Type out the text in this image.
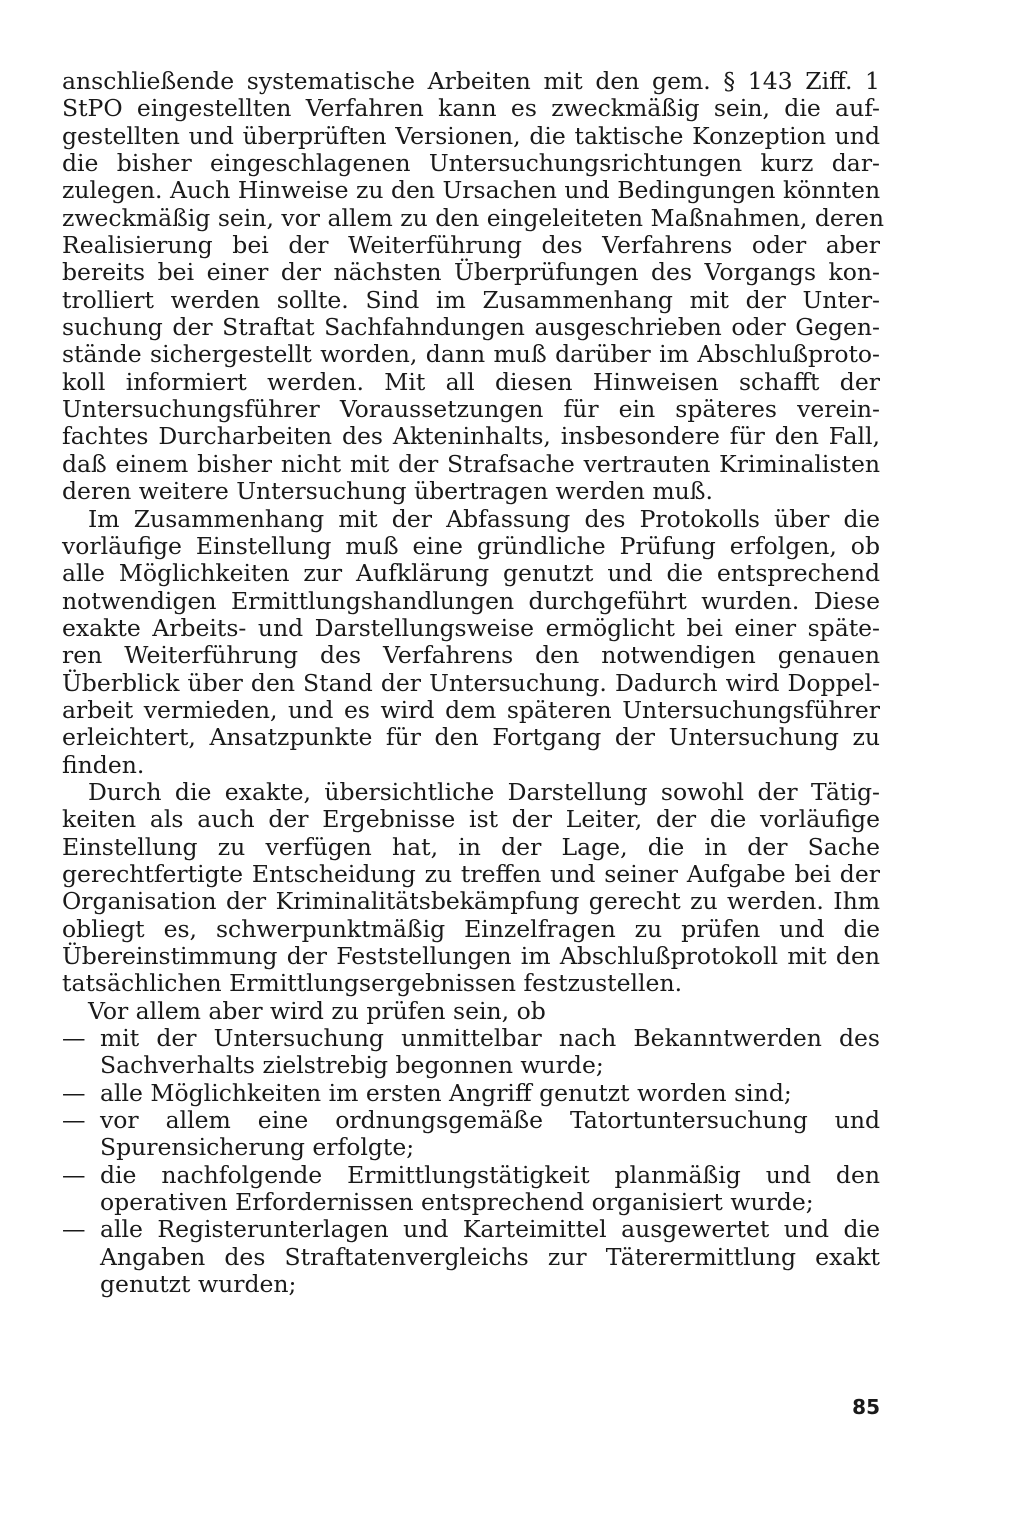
anschließende systematische Arbeiten mit den gem. § 143 Ziff. 1
StPO eingestellten Verfahren kann es zweckmäßig sein, die auf-
gestellten und überprüften Versionen, die taktische Konzeption und
die bisher eingeschlagenen Untersuchungsrichtungen kurz dar-
zulegen. Auch Hinweise zu den Ursachen und Bedingungen könnten
zweckmäßig sein, vor allem zu den eingeleiteten Maßnahmen, deren
Realisierung bei der Weiterführung des Verfahrens oder aber
bereits bei einer der nächsten Überprüfungen des Vorgangs kon-
trolliert werden sollte. Sind im Zusammenhang mit der Unter-
suchung der Straftat Sachfahndungen ausgeschrieben oder Gegen-
stände sichergestellt worden, dann muß darüber im Abschlußproto-
koll informiert werden. Mit all diesen Hinweisen schafft der
Untersuchungsführer Voraussetzungen für ein späteres verein-
fachtes Durcharbeiten des Akteninhalts, insbesondere für den Fall,
daß einem bisher nicht mit der Strafsache vertrauten Kriminalisten
deren weitere Untersuchung übertragen werden muß.
Im Zusammenhang mit der Abfassung des Protokolls über die
vorläufige Einstellung muß eine gründliche Prüfung erfolgen, ob
alle Möglichkeiten zur Aufklärung genutzt und die entsprechend
notwendigen Ermittlungshandlungen durchgeführt wurden. Diese
exakte Arbeits- und Darstellungsweise ermöglicht bei einer späte-
ren Weiterführung des Verfahrens den notwendigen genauen
Überblick über den Stand der Untersuchung. Dadurch wird Doppel-
arbeit vermieden, und es wird dem späteren Untersuchungsführer
erleichtert, Ansatzpunkte für den Fortgang der Untersuchung zu
finden.
Durch die exakte, übersichtliche Darstellung sowohl der Tätig-
keiten als auch der Ergebnisse ist der Leiter, der die vorläufige
Einstellung zu verfügen hat, in der Lage, die in der Sache
gerechtfertigte Entscheidung zu treffen und seiner Aufgabe bei der
Organisation der Kriminalitätsbekämpfung gerecht zu werden. Ihm
obliegt es, schwerpunktmäßig Einzelfragen zu prüfen und die
Übereinstimmung der Feststellungen im Abschlußprotokoll mit den
tatsächlichen Ermittlungsergebnissen festzustellen.
Vor allem aber wird zu prüfen sein, ob
— mit der Untersuchung unmittelbar nach Bekanntwerden des
Sachverhalts zielstrebig begonnen wurde;
— alle Möglichkeiten im ersten Angriff genutzt worden sind;
— vor allem eine ordnungsgemäße Tatortuntersuchung und
Spurensicherung erfolgte;
— die nachfolgende Ermittlungstätigkeit planmäßig und den
operativen Erfordernissen entsprechend organisiert wurde;
— alle Registerunterlagen und Karteimittel ausgewertet und die
Angaben des Straftatenvergleichs zur Täterermittlung exakt
genutzt wurden;
85
